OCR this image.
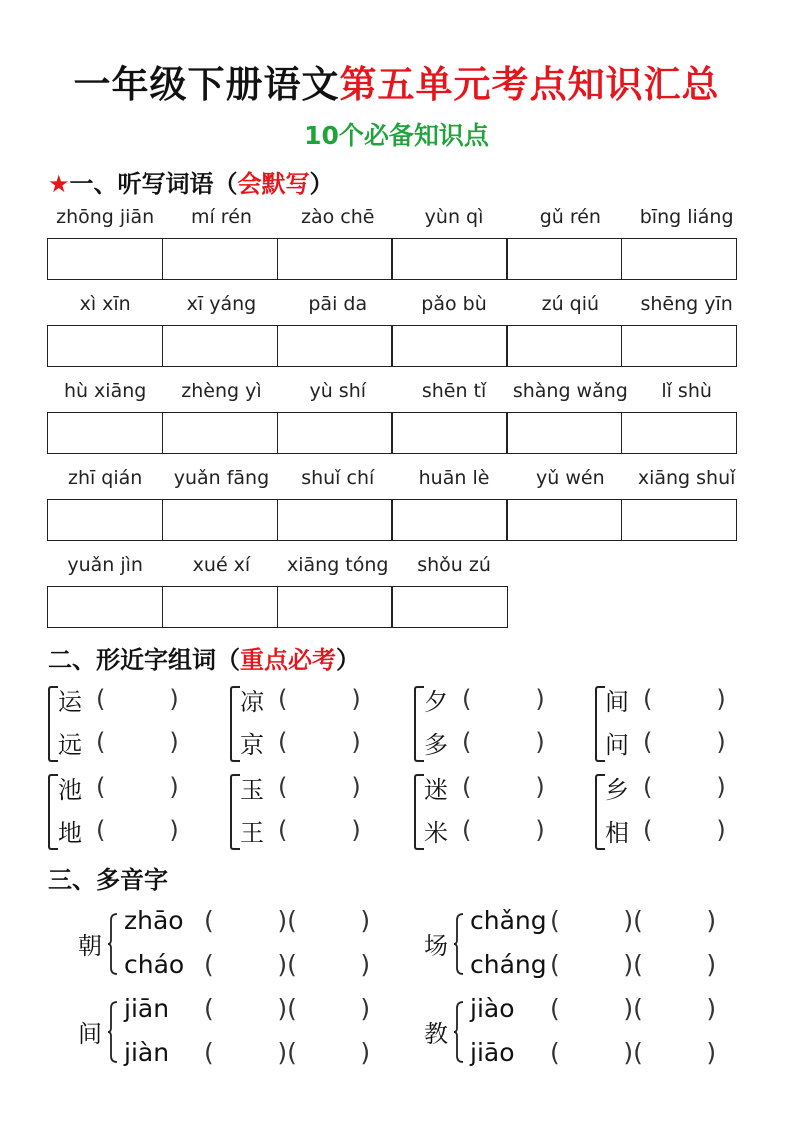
一年级下册语文第五单元考点知识汇总
10个必备知识点
★一、听写词语（会默写）
zhōng jiān	mí rén	zào chē	yùn qì	gǔ rén	bīng liáng
xì xīn	xī yáng	pāi da	pǎo bù	zú qiú	shēng yīn
hù xiāng	zhèng yì	yù shí	shēn tǐ	shàng wǎng	lǐ shù
zhī qián	yuǎn fāng	shuǐ chí	huān lè	yǔ wén	xiāng shuǐ
yuǎn jìn	xué xí	xiāng tóng	shǒu zú
二、形近字组词（重点必考）
运 (	)
远 (	)
凉 (	)
京 (	)
夕 (	)
多 (	)
间 (	)
问 (	)
池 (	)
地 (	)
玉 (	)
王 (	)
迷 (	)
米 (	)
乡 (	)
相 (	)
三、多音字
朝
zhāo (        )(        )
cháo (        )(        )
场
chǎng (        )(        )
cháng (        )(        )
间
jiān	(        )(        )
jiàn	(        )(        )
教
jiào	(        )(        )
jiāo	(        )(        )
